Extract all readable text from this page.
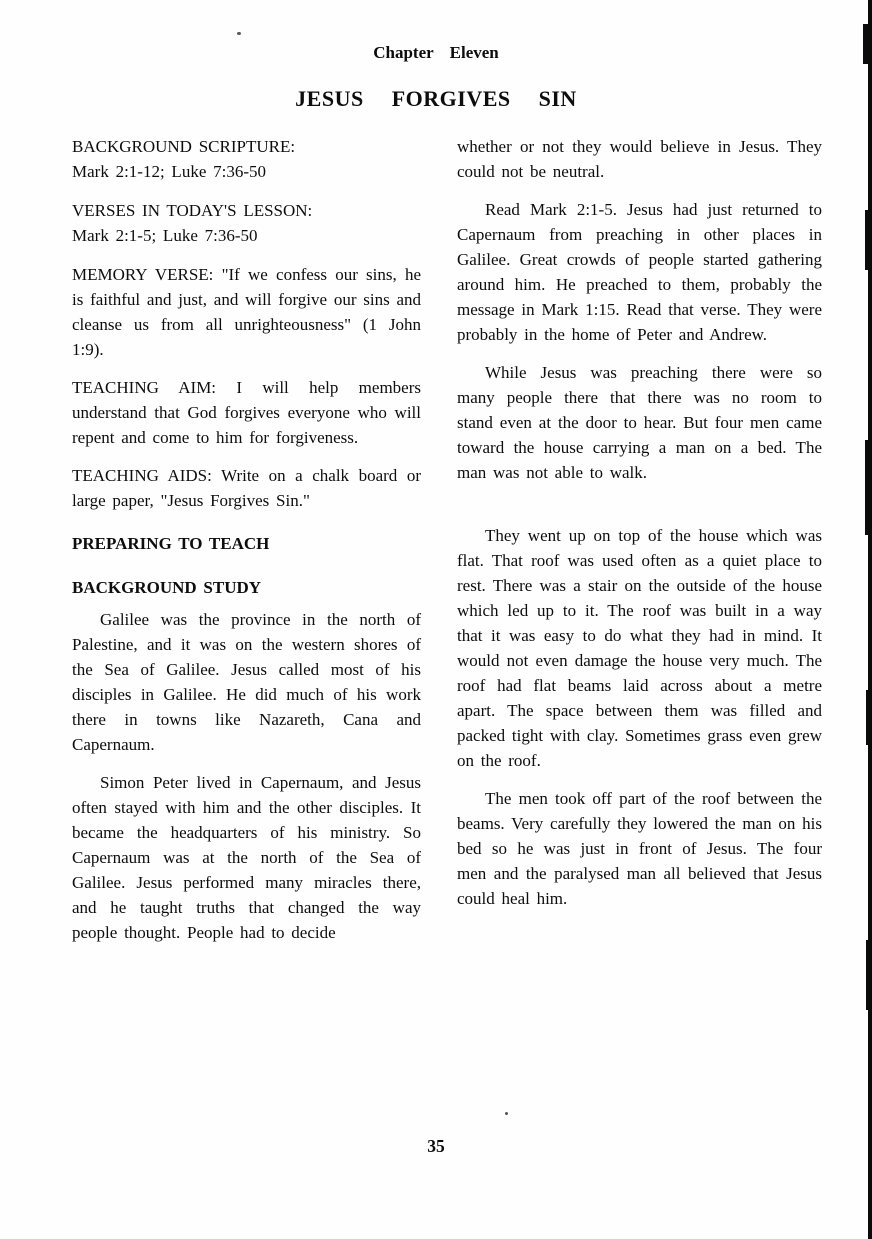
Chapter Eleven
JESUS FORGIVES SIN

BACKGROUND SCRIPTURE:

Mark 2:1-12; Luke 7:36-50

VERSES IN TODAY'S LESSON:

Mark 2:1-5; Luke 7:36-50

MEMORY VERSE: "If we confess our sins, he is faithful and just, and will forgive our sins and cleanse us from all unrighteousness" (1 John 1:9).

TEACHING AIM: I will help members understand that God forgives everyone who will repent and come to him for forgiveness.

TEACHING AIDS: Write on a chalk board or large paper, "Jesus Forgives Sin."

PREPARING TO TEACH

BACKGROUND STUDY

Galilee was the province in the north of Palestine, and it was on the western shores of the Sea of Galilee. Jesus called most of his disciples in Galilee. He did much of his work there in towns like Nazareth, Cana and Capernaum.

Simon Peter lived in Capernaum, and Jesus often stayed with him and the other disciples. It became the headquarters of his ministry. So Capernaum was at the north of the Sea of Galilee. Jesus performed many miracles there, and he taught truths that changed the way people thought. People had to decide

whether or not they would believe in Jesus. They could not be neutral.

Read Mark 2:1-5. Jesus had just returned to Capernaum from preaching in other places in Galilee. Great crowds of people started gathering around him. He preached to them, probably the message in Mark 1:15. Read that verse. They were probably in the home of Peter and Andrew.

While Jesus was preaching there were so many people there that there was no room to stand even at the door to hear. But four men came toward the house carrying a man on a bed. The man was not able to walk.

They went up on top of the house which was flat. That roof was used often as a quiet place to rest. There was a stair on the outside of the house which led up to it. The roof was built in a way that it was easy to do what they had in mind. It would not even damage the house very much. The roof had flat beams laid across about a metre apart. The space between them was filled and packed tight with clay. Sometimes grass even grew on the roof.

The men took off part of the roof between the beams. Very carefully they lowered the man on his bed so he was just in front of Jesus. The four men and the paralysed man all believed that Jesus could heal him.

35
